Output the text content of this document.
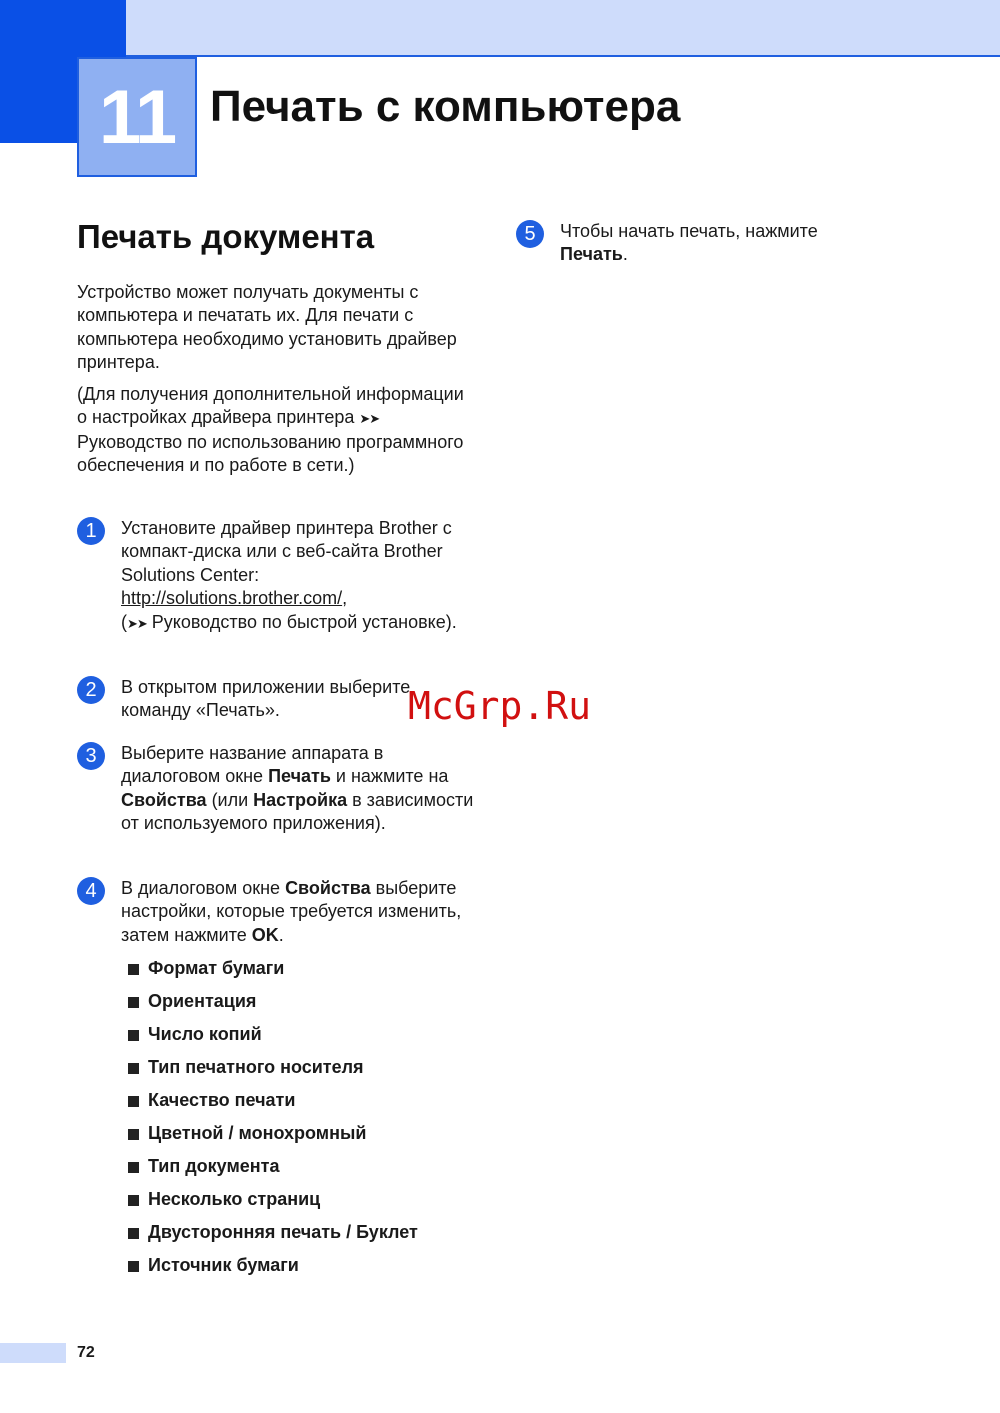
11 Печать с компьютера
Печать документа

Устройство может получать документы с компьютера и печатать их. Для печати с компьютера необходимо установить драйвер принтера.

(Для получения дополнительной информации о настройках драйвера принтера ➤➤ Руководство по использованию программного обеспечения и по работе в сети.)

1	Установите драйвер принтера Brother с компакт-диска или с веб-сайта Brother Solutions Center: http://solutions.brother.com/,
(➤➤ Руководство по быстрой установке).
2	В открытом приложении выберите команду «Печать».
3	Выберите название аппарата в диалоговом окне Печать и нажмите на Свойства (или Настройка в зависимости от используемого приложения).
4	В диалоговом окне Свойства выберите настройки, которые требуется изменить, затем нажмите OK.
Формат бумаги
Ориентация
Число копий
Тип печатного носителя
Качество печати
Цветной / монохромный
Тип документа
Несколько страниц
Двусторонняя печать / Буклет
Источник бумаги
5	Чтобы начать печать, нажмите
Печать.
McGrp.Ru
72
